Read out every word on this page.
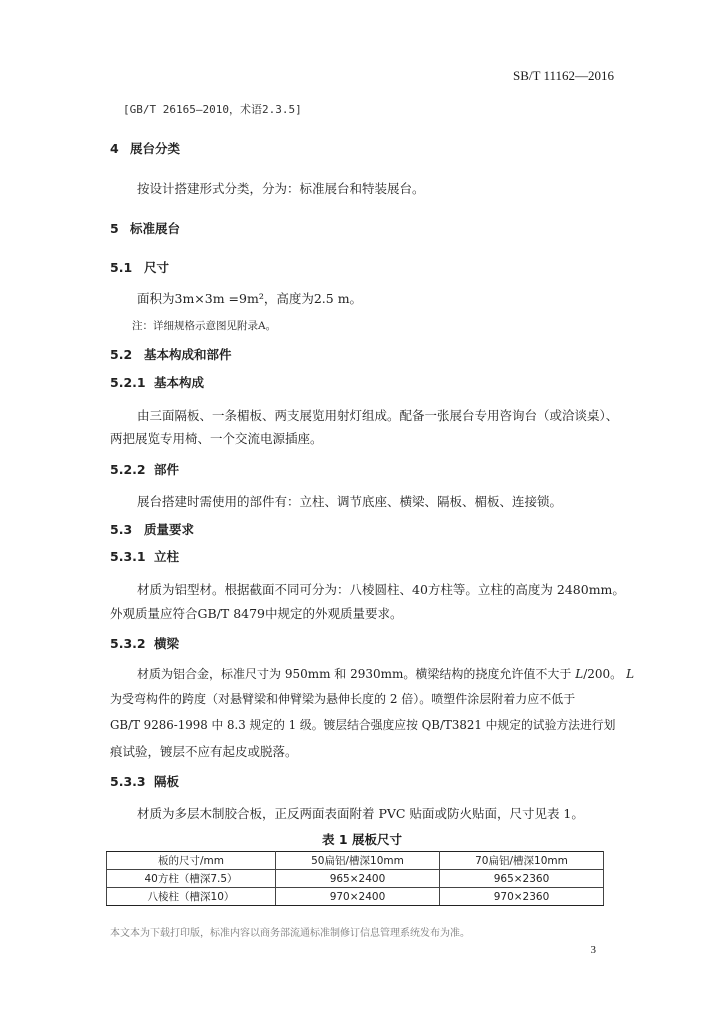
SB/T 11162—2016
[GB/T 26165—2010，术语2.3.5]
4 展台分类
按设计搭建形式分类，分为：标准展台和特装展台。
5 标准展台
5.1 尺寸
面积为3m×3m =9m²，高度为2.5 m。
注：详细规格示意图见附录A。
5.2 基本构成和部件
5.2.1 基本构成
由三面隔板、一条楣板、两支展览用射灯组成。配备一张展台专用咨询台（或洽谈桌）、
两把展览专用椅、一个交流电源插座。
5.2.2 部件
展台搭建时需使用的部件有：立柱、调节底座、横梁、隔板、楣板、连接锁。
5.3 质量要求
5.3.1 立柱
材质为铝型材。根据截面不同可分为：八棱圆柱、40方柱等。立柱的高度为 2480mm。
外观质量应符合GB/T 8479中规定的外观质量要求。
5.3.2 横梁
材质为铝合金，标准尺寸为 950mm 和 2930mm。横梁结构的挠度允许值不大于 L/200。 L
为受弯构件的跨度（对悬臂梁和伸臂梁为悬伸长度的 2 倍）。喷塑件涂层附着力应不低于
GB/T 9286-1998 中 8.3 规定的 1 级。镀层结合强度应按 QB/T3821 中规定的试验方法进行划
痕试验，镀层不应有起皮或脱落。
5.3.3 隔板
材质为多层木制胶合板，正反两面表面附着 PVC 贴面或防火贴面，尺寸见表 1。
表 1 展板尺寸
板的尺寸/mm	50扁铝/槽深10mm	70扁铝/槽深10mm
40方柱（槽深7.5）	965×2400	965×2360
八棱柱（槽深10）	970×2400	970×2360
本文本为下载打印版，标准内容以商务部流通标准制修订信息管理系统发布为准。
3
